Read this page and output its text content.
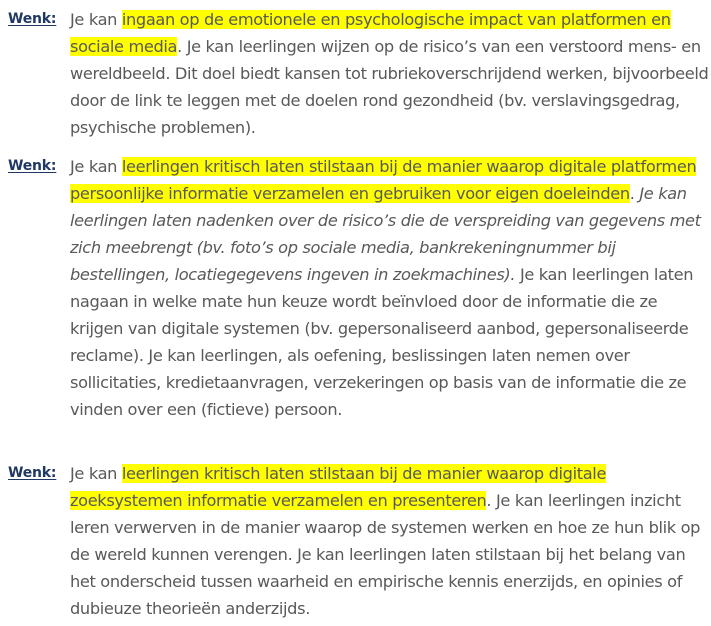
Wenk: Je kan ingaan op de emotionele en psychologische impact van platformen en sociale media. Je kan leerlingen wijzen op de risico’s van een verstoord mens- en wereldbeeld. Dit doel biedt kansen tot rubriekoverschrijdend werken, bijvoorbeeld door de link te leggen met de doelen rond gezondheid (bv. verslavingsgedrag, psychische problemen).
Wenk: Je kan leerlingen kritisch laten stilstaan bij de manier waarop digitale platformen persoonlijke informatie verzamelen en gebruiken voor eigen doeleinden. Je kan leerlingen laten nadenken over de risico’s die de verspreiding van gegevens met zich meebrengt (bv. foto’s op sociale media, bankrekeningnummer bij bestellingen, locatiegegevens ingeven in zoekmachines). Je kan leerlingen laten nagaan in welke mate hun keuze wordt beïnvloed door de informatie die ze krijgen van digitale systemen (bv. gepersonaliseerd aanbod, gepersonaliseerde reclame). Je kan leerlingen, als oefening, beslissingen laten nemen over sollicitaties, kredietaanvragen, verzekeringen op basis van de informatie die ze vinden over een (fictieve) persoon.
Wenk: Je kan leerlingen kritisch laten stilstaan bij de manier waarop digitale zoeksystemen informatie verzamelen en presenteren. Je kan leerlingen inzicht leren verwerven in de manier waarop de systemen werken en hoe ze hun blik op de wereld kunnen verengen. Je kan leerlingen laten stilstaan bij het belang van het onderscheid tussen waarheid en empirische kennis enerzijds, en opinies of dubieuze theorieën anderzijds.
